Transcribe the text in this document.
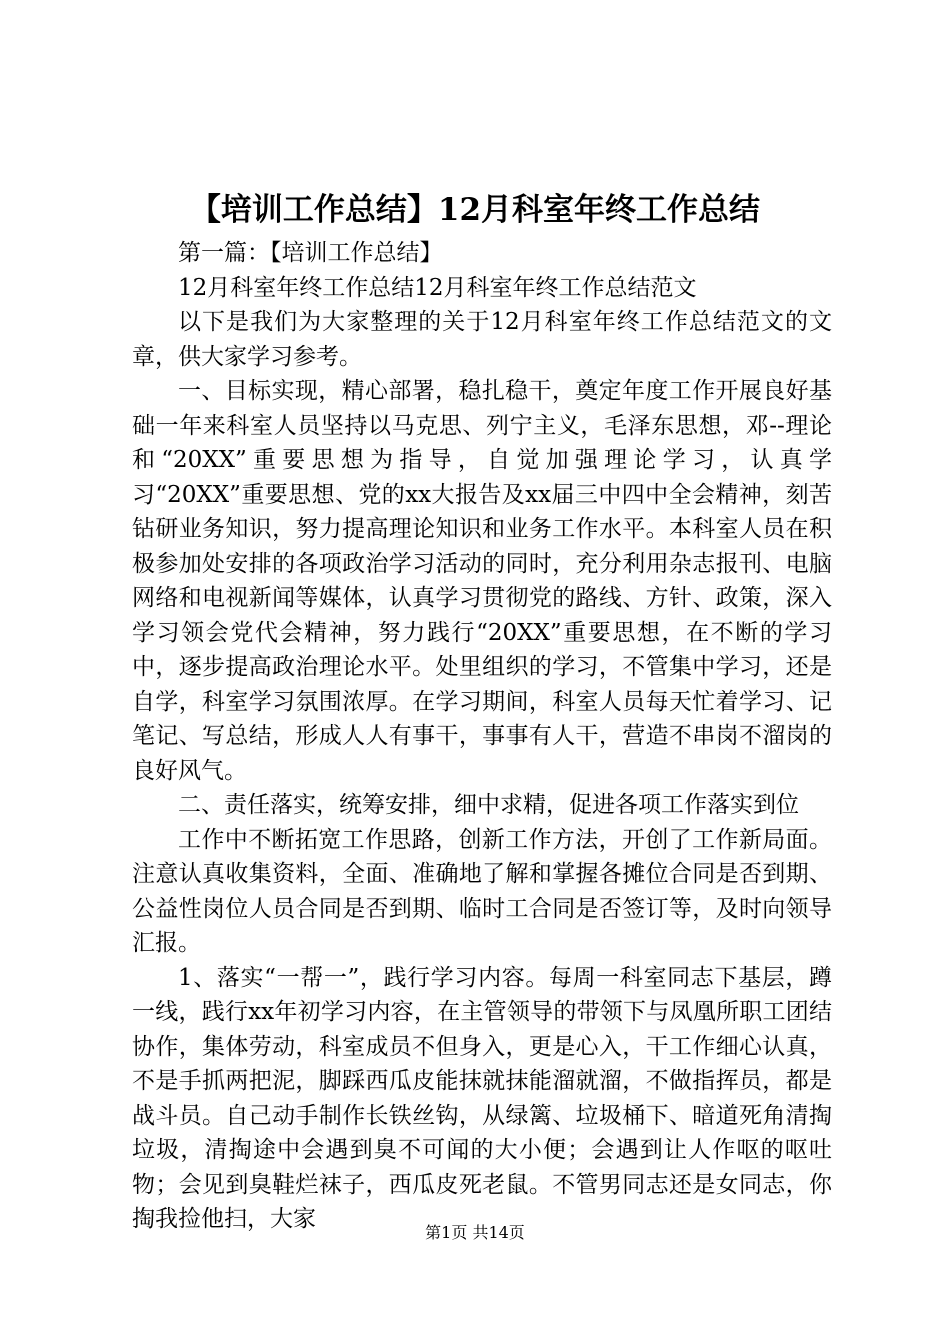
【培训工作总结】12月科室年终工作总结

第一篇：【培训工作总结】

12月科室年终工作总结12月科室年终工作总结范文

以下是我们为大家整理的关于12月科室年终工作总结范文的文章，供大家学习参考。

一、目标实现，精心部署，稳扎稳干，奠定年度工作开展良好基础一年来科室人员坚持以马克思、列宁主义，毛泽东思想，邓--理论和“20XX”重要思想为指导，自觉加强理论学习，认真学习“20XX”重要思想、党的xx大报告及xx届三中四中全会精神，刻苦钻研业务知识，努力提高理论知识和业务工作水平。本科室人员在积极参加处安排的各项政治学习活动的同时，充分利用杂志报刊、电脑网络和电视新闻等媒体，认真学习贯彻党的路线、方针、政策，深入学习领会党代会精神，努力践行“20XX”重要思想，在不断的学习中，逐步提高政治理论水平。处里组织的学习，不管集中学习，还是自学，科室学习氛围浓厚。在学习期间，科室人员每天忙着学习、记笔记、写总结，形成人人有事干，事事有人干，营造不串岗不溜岗的良好风气。

二、责任落实，统筹安排，细中求精，促进各项工作落实到位

工作中不断拓宽工作思路，创新工作方法，开创了工作新局面。注意认真收集资料，全面、准确地了解和掌握各摊位合同是否到期、公益性岗位人员合同是否到期、临时工合同是否签订等，及时向领导汇报。

1、落实“一帮一”，践行学习内容。每周一科室同志下基层，蹲一线，践行xx年初学习内容，在主管领导的带领下与凤凰所职工团结协作，集体劳动，科室成员不但身入，更是心入，干工作细心认真，不是手抓两把泥，脚踩西瓜皮能抹就抹能溜就溜，不做指挥员，都是战斗员。自己动手制作长铁丝钩，从绿篱、垃圾桶下、暗道死角清掏垃圾，清掏途中会遇到臭不可闻的大小便；会遇到让人作呕的呕吐物；会见到臭鞋烂袜子，西瓜皮死老鼠。不管男同志还是女同志，你掏我捡他扫，大家

第1页 共14页
